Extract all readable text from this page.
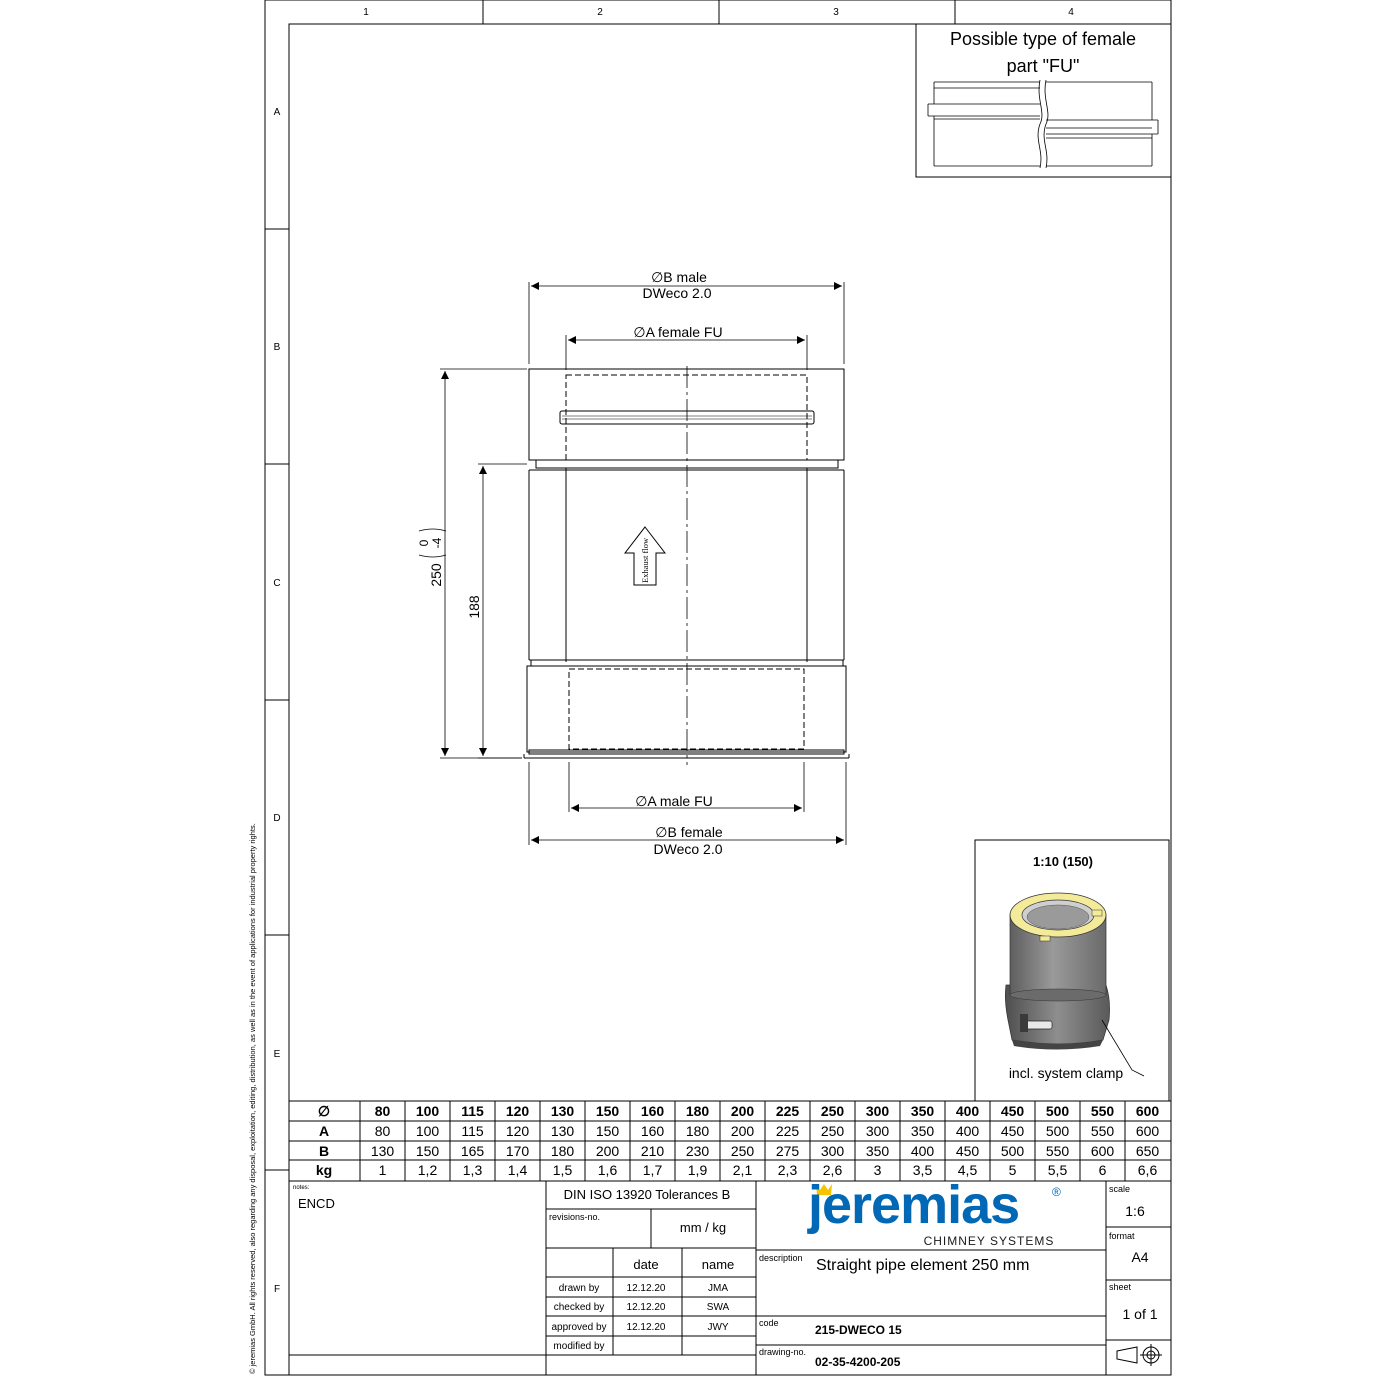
1	2	3	4
A
B
C
D
E
F
Possible type of female
part "FU"
Exhaust flow
∅B male
DWeco 2.0
∅A female FU
∅A male FU
∅B female
DWeco 2.0
250
0 -4
188
1:10 (150)
incl. system clamp
∅	80 100 115 120 130 150 160 180 200 225 250 300 350 400 450 500 550 600
A	80 100 115 120 130 150 160 180 200 225 250 300 350 400 450 500 550 600
B	130 150 165 170 180 200 210 230 250 275 300 350 400 450 500 550 600 650
kg	1 1,2 1,3 1,4 1,5 1,6 1,7 1,9 2,1 2,3 2,6 3 3,5 4,5 5 5,5 6 6,6
notes:
ENCD
DIN ISO 13920 Tolerances B
revisions-no.
mm / kg
date	name
drawn by	12.12.20	JMA
checked by 12.12.20	SWA
approved by 12.12.20	JWY
modified by
®
CHIMNEY SYSTEMS
description Straight pipe element 250 mm
code	215-DWECO 15
drawing-no.
02-35-4200-205
scale
1:6
format
A4
sheet
1 of 1
jeremias
© jeremias GmbH. All rights reserved, also regarding any disposal, exploitation, editing, distribution, as well as in the event of applications for industrial property rights.
